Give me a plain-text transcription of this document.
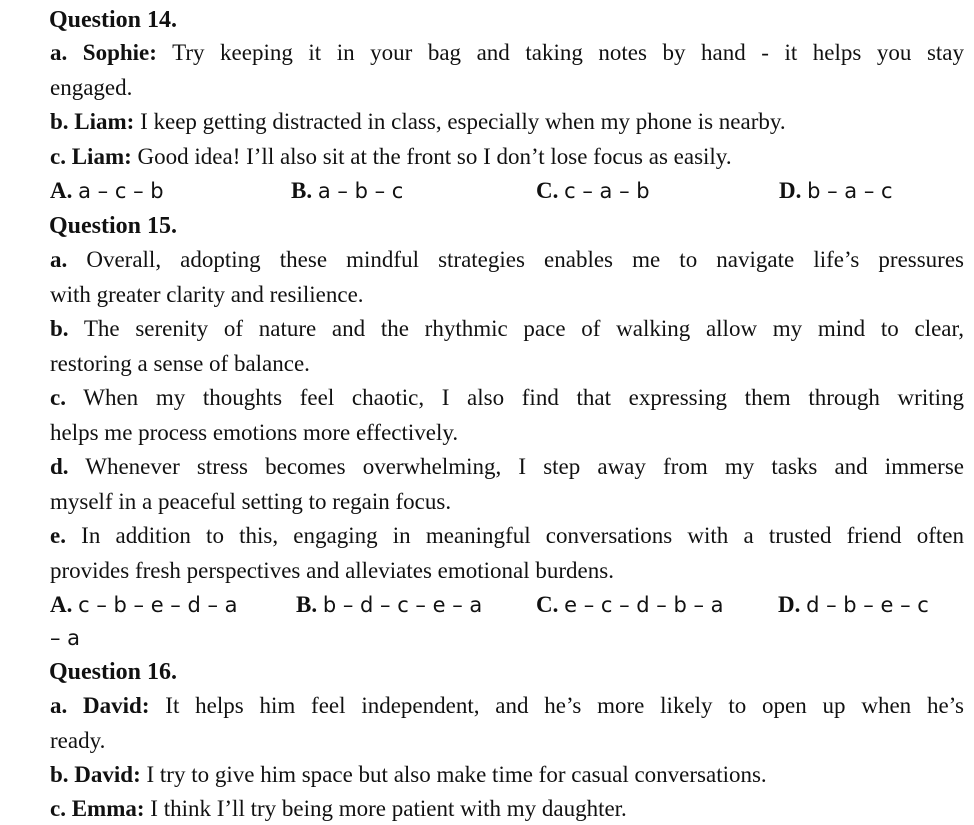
Question 14.
a. Sophie: Try keeping it in your bag and taking notes by hand - it helps you stay
engaged.
b. Liam: I keep getting distracted in class, especially when my phone is nearby.
c. Liam: Good idea! I’ll also sit at the front so I don’t lose focus as easily.
A. a – c – b	B. a – b – c	C. c – a – b	D. b – a – c
Question 15.
a. Overall, adopting these mindful strategies enables me to navigate life’s pressures
with greater clarity and resilience.
b. The serenity of nature and the rhythmic pace of walking allow my mind to clear,
restoring a sense of balance.
c. When my thoughts feel chaotic, I also find that expressing them through writing
helps me process emotions more effectively.
d. Whenever stress becomes overwhelming, I step away from my tasks and immerse
myself in a peaceful setting to regain focus.
e. In addition to this, engaging in meaningful conversations with a trusted friend often
provides fresh perspectives and alleviates emotional burdens.
A. c – b – e – d – a	B. b – d – c – e – a C. e – c – d – b – a D. d – b – e – c
– a
Question 16.
a. David: It helps him feel independent, and he’s more likely to open up when he’s
ready.
b. David: I try to give him space but also make time for casual conversations.
c. Emma: I think I’ll try being more patient with my daughter.
